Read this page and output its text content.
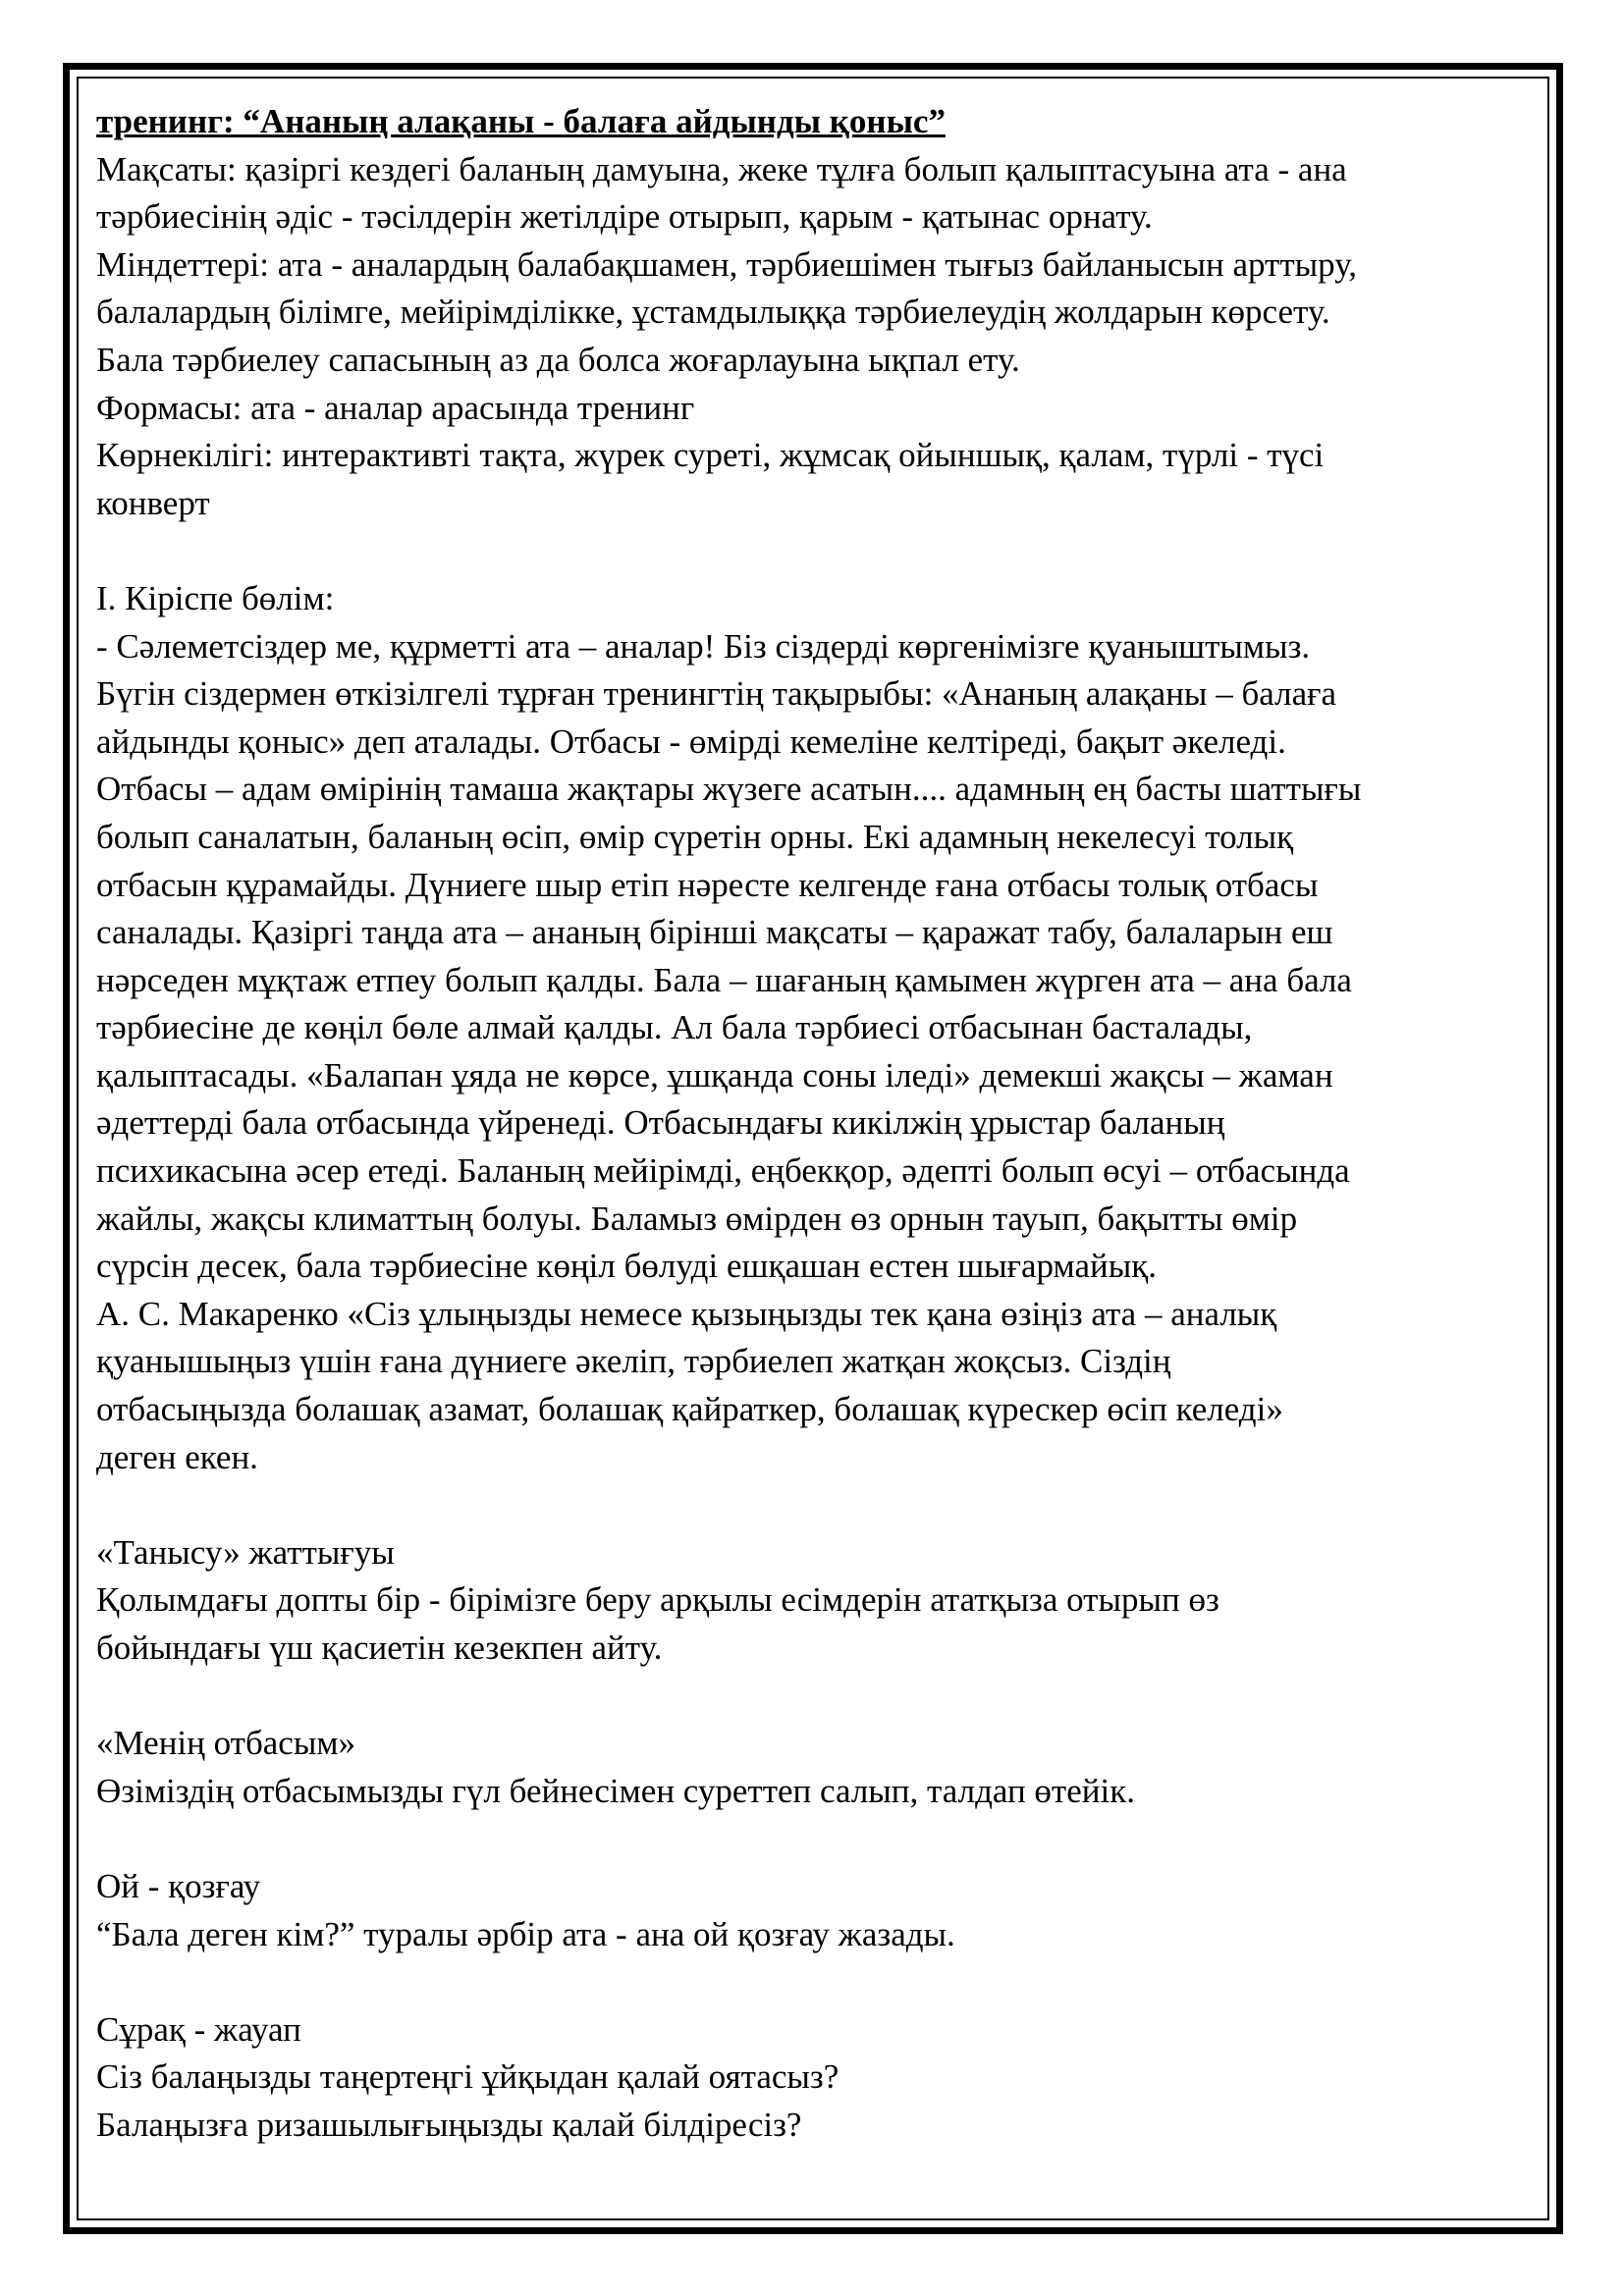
тренинг: “Ананың алақаны - балаға айдынды қоныс”

Мақсаты: қазіргі кездегі баланың дамуына, жеке тұлға болып қалыптасуына ата - ана

тәрбиесінің әдіс - тәсілдерін жетілдіре отырып, қарым - қатынас орнату.

Міндеттері: ата - аналардың балабақшамен, тәрбиешімен тығыз байланысын арттыру,

балалардың білімге, мейірімділікке, ұстамдылыққа тәрбиелеудің жолдарын көрсету.

Бала тәрбиелеу сапасының аз да болса жоғарлауына ықпал ету.

Формасы: ата - аналар арасында тренинг

Көрнекілігі: интерактивті тақта, жүрек суреті, жұмсақ ойыншық, қалам, түрлі - түсі

конверт

І. Кіріспе бөлім:

- Сәлеметсіздер ме, құрметті ата – аналар! Біз сіздерді көргенімізге қуаныштымыз.

Бүгін сіздермен өткізілгелі тұрған тренингтің тақырыбы: «Ананың алақаны – балаға

айдынды қоныс» деп аталады. Отбасы - өмірді кемеліне келтіреді, бақыт әкеледі.

Отбасы – адам өмірінің тамаша жақтары жүзеге асатын.... адамның ең басты шаттығы

болып саналатын, баланың өсіп, өмір сүретін орны. Екі адамның некелесуі толық

отбасын құрамайды. Дүниеге шыр етіп нәресте келгенде ғана отбасы толық отбасы

саналады. Қазіргі таңда ата – ананың бірінші мақсаты – қаражат табу, балаларын еш

нәрседен мұқтаж етпеу болып қалды. Бала – шағаның қамымен жүрген ата – ана бала

тәрбиесіне де көңіл бөле алмай қалды. Ал бала тәрбиесі отбасынан басталады,

қалыптасады. «Балапан ұяда не көрсе, ұшқанда соны іледі» демекші жақсы – жаман

әдеттерді бала отбасында үйренеді. Отбасындағы кикілжің ұрыстар баланың

психикасына әсер етеді. Баланың мейірімді, еңбекқор, әдепті болып өсуі – отбасында

жайлы, жақсы климаттың болуы. Баламыз өмірден өз орнын тауып, бақытты өмір

сүрсін десек, бала тәрбиесіне көңіл бөлуді ешқашан естен шығармайық.

А. С. Макаренко «Сіз ұлыңызды немесе қызыңызды тек қана өзіңіз ата – аналық

қуанышыңыз үшін ғана дүниеге әкеліп, тәрбиелеп жатқан жоқсыз. Сіздің

отбасыңызда болашақ азамат, болашақ қайраткер, болашақ күрескер өсіп келеді»

деген екен.

«Танысу» жаттығуы

Қолымдағы допты бір - бірімізге беру арқылы есімдерін ататқыза отырып өз

бойындағы үш қасиетін кезекпен айту.

«Менің отбасым»

Өзіміздің отбасымызды гүл бейнесімен суреттеп салып, талдап өтейік.

Ой - қозғау

“Бала деген кім?” туралы әрбір ата - ана ой қозғау жазады.

Сұрақ - жауап

Сіз балаңызды таңертеңгі ұйқыдан қалай оятасыз?

Балаңызға ризашылығыңызды қалай білдіресіз?
